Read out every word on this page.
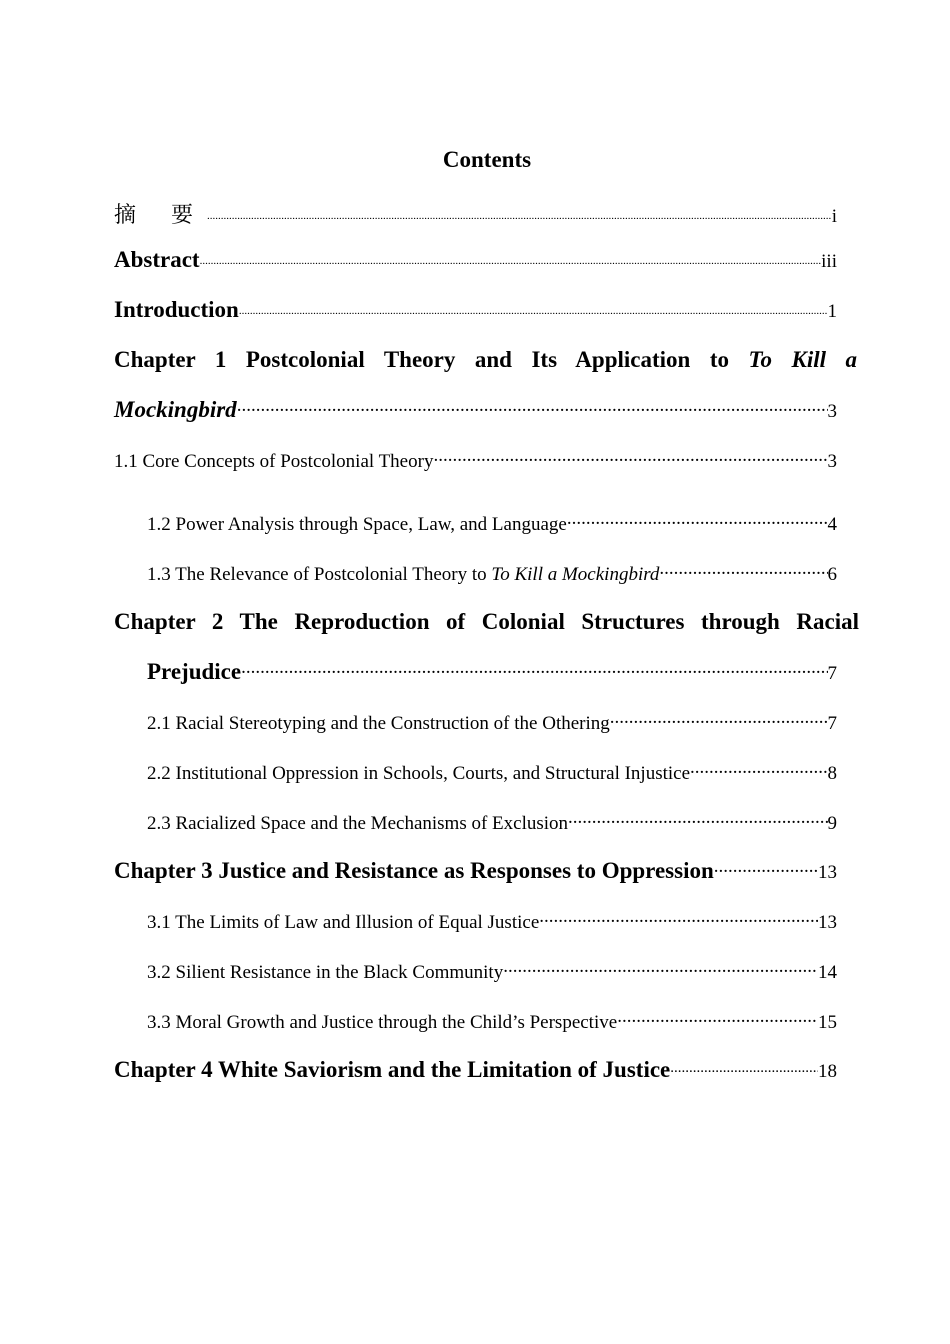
Contents
摘 要 .....	i
Abstract .....	iii
Introduction .....	1
Chapter 1 Postcolonial Theory and Its Application to To Kill a
Mockingbird .....	3
1.1 Core Concepts of Postcolonial Theory .....	3
1.2 Power Analysis through Space, Law, and Language .....	4
1.3 The Relevance of Postcolonial Theory to
To Kill a Mockingbird .....	6
Chapter 2 The Reproduction of Colonial Structures through Racial
Prejudice .....	7
2.1 Racial Stereotyping and the Construction of the Othering .....	7
2.2 Institutional Oppression in Schools, Courts, and Structural Injustice .....	8
2.3 Racialized Space and the Mechanisms of Exclusion .....	9
Chapter 3 Justice and Resistance as Responses to Oppression .....	13
3.1 The Limits of Law and Illusion of Equal Justice .....	13
3.2 Silient Resistance in the Black Community .....	14
3.3 Moral Growth and Justice through the Child’s Perspective .....	15
Chapter 4 White Saviorism and the Limitation of Justice .....	18
